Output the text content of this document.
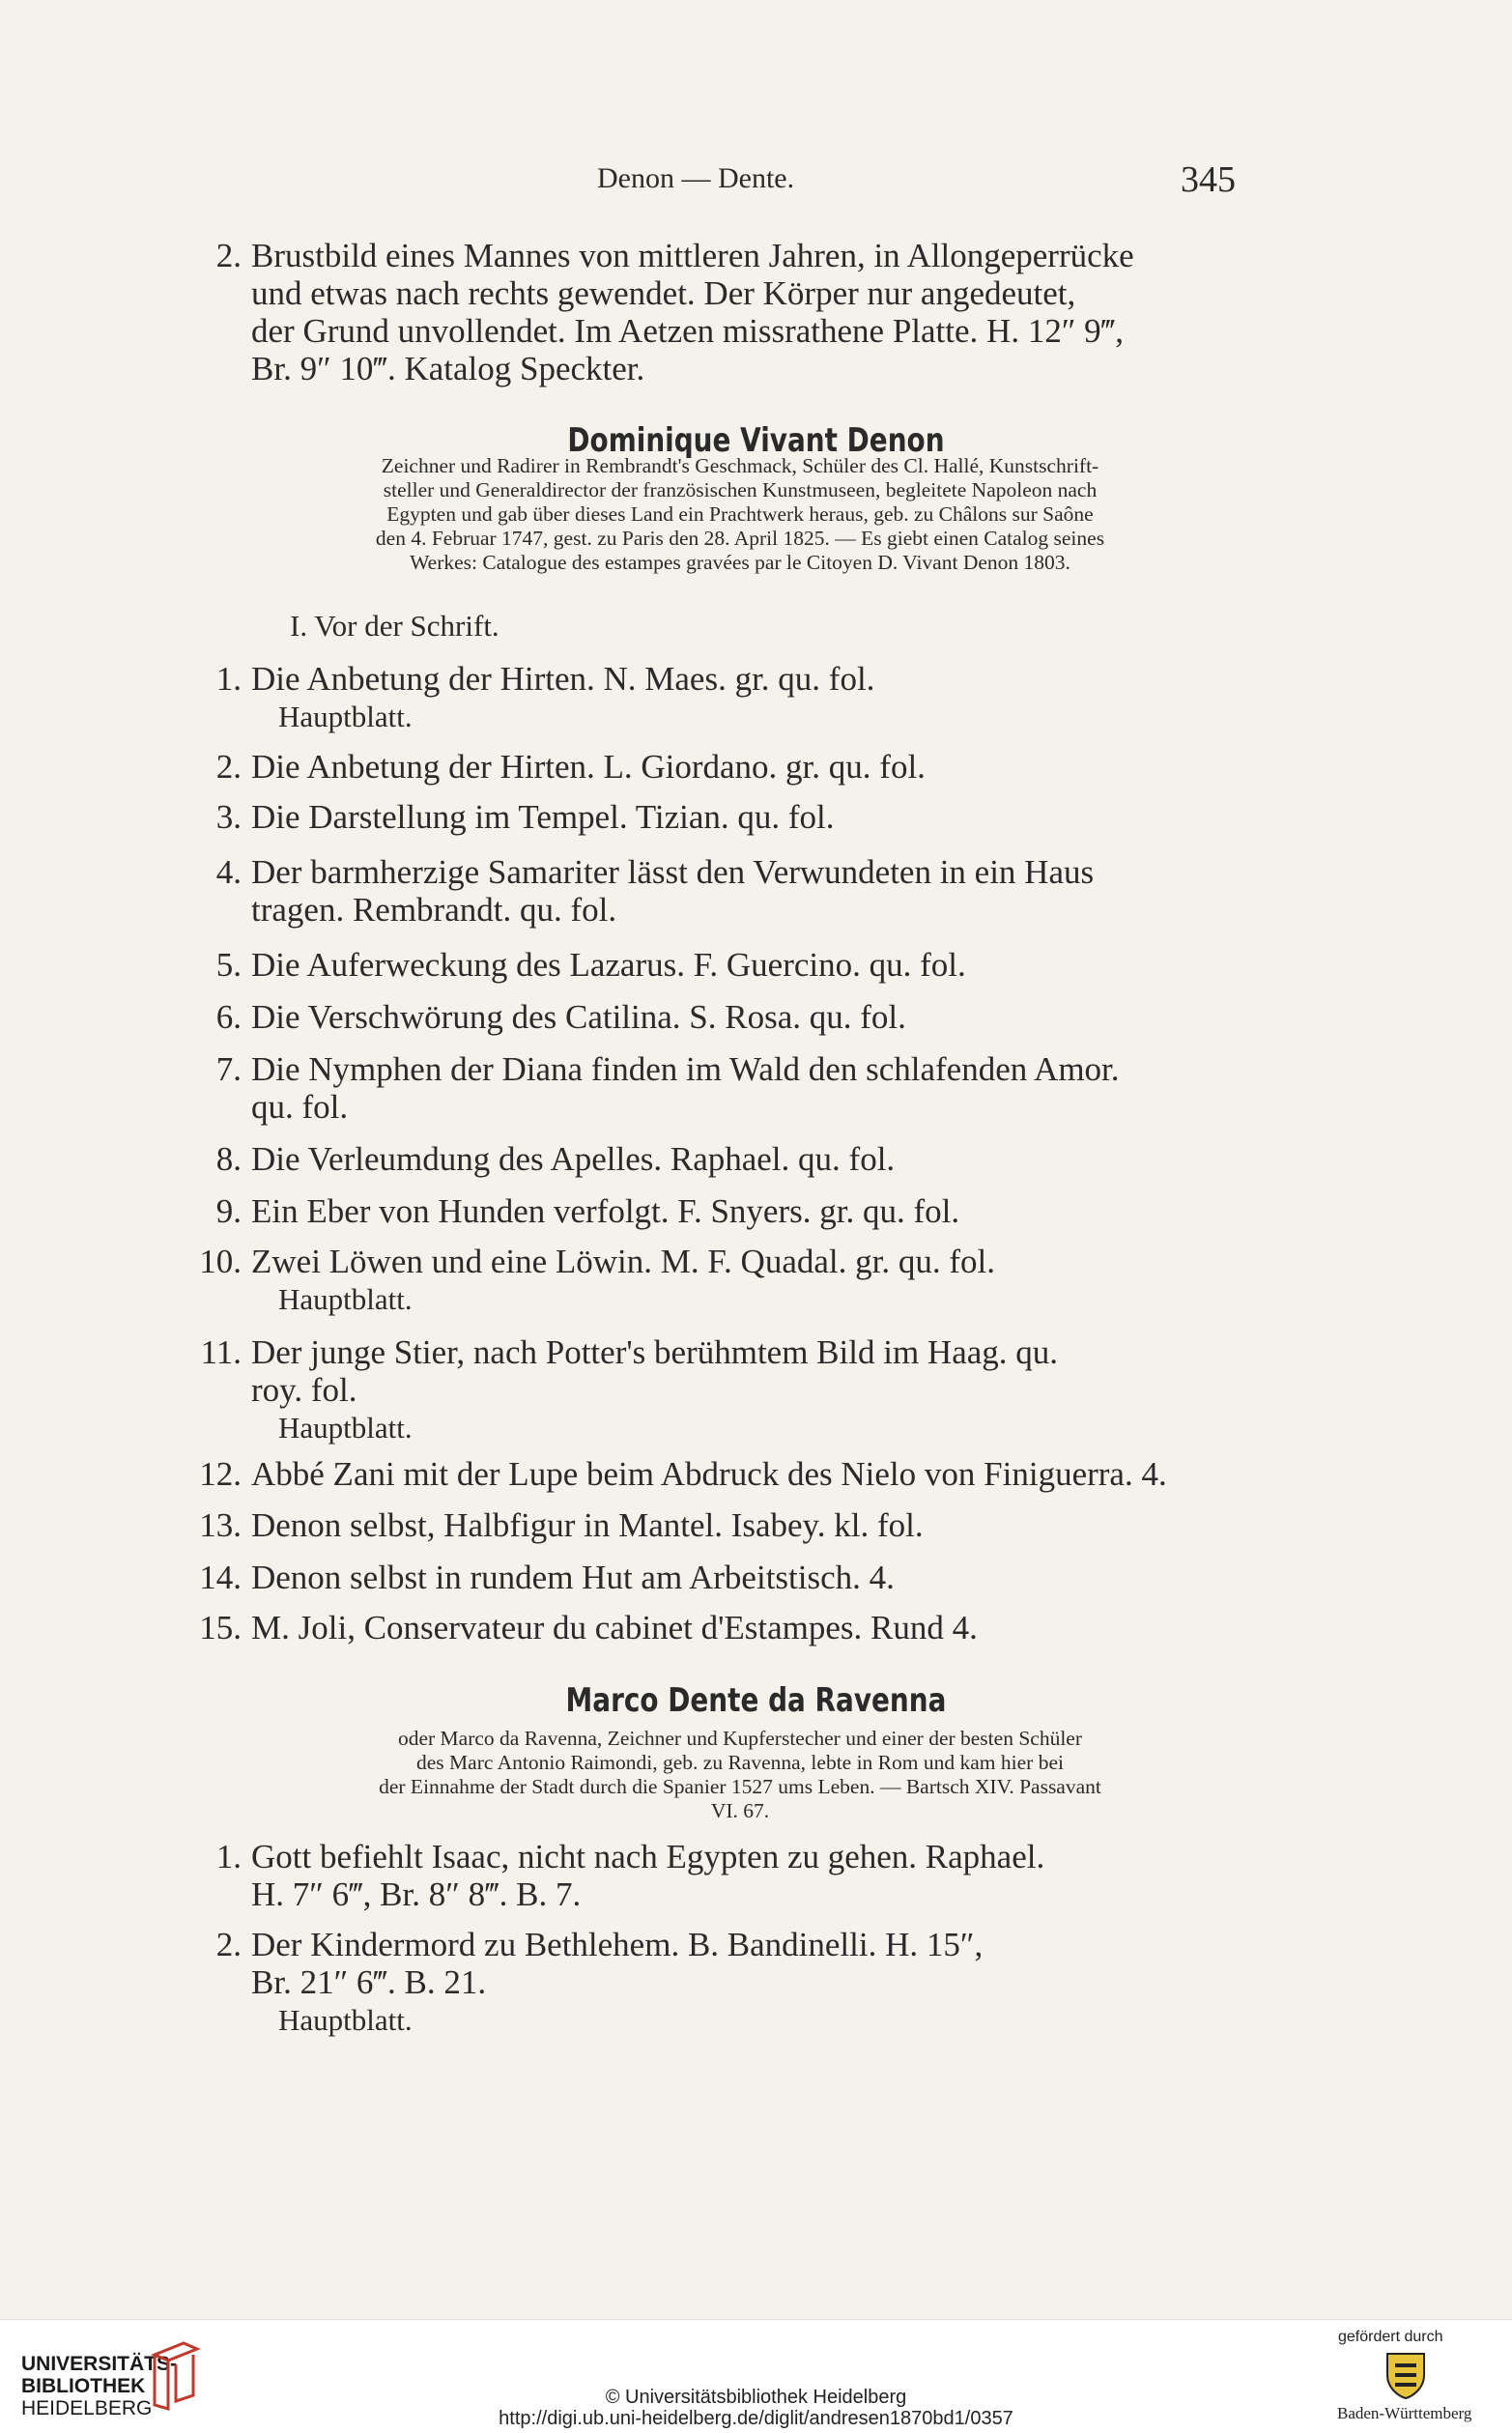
Denon — Dente.	345
2. Brustbild eines Mannes von mittleren Jahren, in Allongeperrücke
und etwas nach rechts gewendet. Der Körper nur angedeutet,
der Grund unvollendet. Im Aetzen missrathene Platte. H. 12″ 9‴,
Br. 9″ 10‴. Katalog Speckter.
Dominique Vivant Denon
Zeichner und Radirer in Rembrandt's Geschmack, Schüler des Cl. Hallé, Kunstschrift-
steller und Generaldirector der französischen Kunstmuseen, begleitete Napoleon nach
Egypten und gab über dieses Land ein Prachtwerk heraus, geb. zu Châlons sur Saône
den 4. Februar 1747, gest. zu Paris den 28. April 1825. — Es giebt einen Catalog seines
Werkes: Catalogue des estampes gravées par le Citoyen D. Vivant Denon 1803.
I. Vor der Schrift.
1. Die Anbetung der Hirten. N. Maes. gr. qu. fol.
Hauptblatt.
2. Die Anbetung der Hirten. L. Giordano. gr. qu. fol.
3. Die Darstellung im Tempel. Tizian. qu. fol.
4. Der barmherzige Samariter lässt den Verwundeten in ein Haus
tragen. Rembrandt. qu. fol.
5. Die Auferweckung des Lazarus. F. Guercino. qu. fol.
6. Die Verschwörung des Catilina. S. Rosa. qu. fol.
7. Die Nymphen der Diana finden im Wald den schlafenden Amor.
qu. fol.
8. Die Verleumdung des Apelles. Raphael. qu. fol.
9. Ein Eber von Hunden verfolgt. F. Snyers. gr. qu. fol.
10. Zwei Löwen und eine Löwin. M. F. Quadal. gr. qu. fol.
Hauptblatt.
11. Der junge Stier, nach Potter's berühmtem Bild im Haag. qu.
roy. fol.
Hauptblatt.
12. Abbé Zani mit der Lupe beim Abdruck des Nielo von Finiguerra. 4.
13. Denon selbst, Halbfigur in Mantel. Isabey. kl. fol.
14. Denon selbst in rundem Hut am Arbeitstisch. 4.
15. M. Joli, Conservateur du cabinet d'Estampes. Rund 4.
Marco Dente da Ravenna
oder Marco da Ravenna, Zeichner und Kupferstecher und einer der besten Schüler
des Marc Antonio Raimondi, geb. zu Ravenna, lebte in Rom und kam hier bei
der Einnahme der Stadt durch die Spanier 1527 ums Leben. — Bartsch XIV. Passavant
VI. 67.
1. Gott befiehlt Isaac, nicht nach Egypten zu gehen. Raphael.
H. 7″ 6‴, Br. 8″ 8‴. B. 7.
2. Der Kindermord zu Bethlehem. B. Bandinelli. H. 15″,
Br. 21″ 6‴. B. 21.
Hauptblatt.
UNIVERSITÄTS-
BIBLIOTHEK
HEIDELBERG	© Universitätsbibliothek Heidelberg
http://digi.ub.uni-heidelberg.de/diglit/andresen1870bd1/0357
gefördert durch
Baden-Württemberg
